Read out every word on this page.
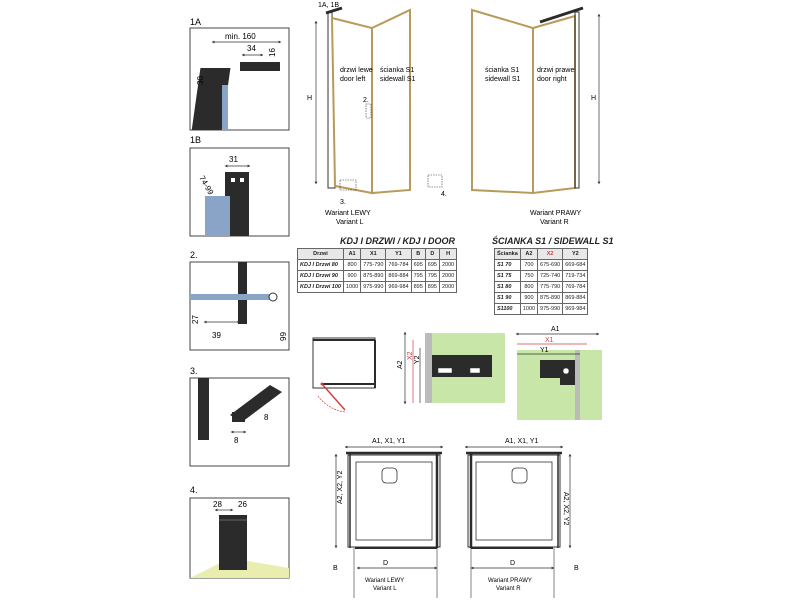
1A
min. 160
34 16
30
1B
31
74-99
2.
39
27
66
3.
8
8
4.
28 26
1A, 1B
drzwi lewe
door left
ścianka S1
sidewall S1
H	2.
3.
Wariant LEWY
Variant L
ścianka S1
sidewall S1
drzwi prawe
door right
H
4.
Wariant PRAWY
Variant R
A2
X2 Y2
A1
X1
Y1
A1, X1, Y1
A2, X2, Y2
D
B
Wariant LEWY
Variant L
A1, X1, Y1
A2, X2, Y2
D
B
Wariant PRAWY
Variant R
KDJ I DRZWI / KDJ I DOOR
Drzwi	A1	X1	Y1	B	D	H
KDJ I Drzwi 80	800	775-790	769-784	695	695	2000
KDJ I Drzwi 90	900	875-890	869-884	795	795	2000
KDJ I Drzwi 100	1000	975-990	969-984	895	895	2000
ŚCIANKA S1 / SIDEWALL S1
Ścianka	A2	X2	Y2
S1 70	700	675-690	669-684
S1 75	750	725-740	719-734
S1 80	800	775-790	769-784
S1 90	900	875-890	869-884
S1100	1000	975-990	969-984
